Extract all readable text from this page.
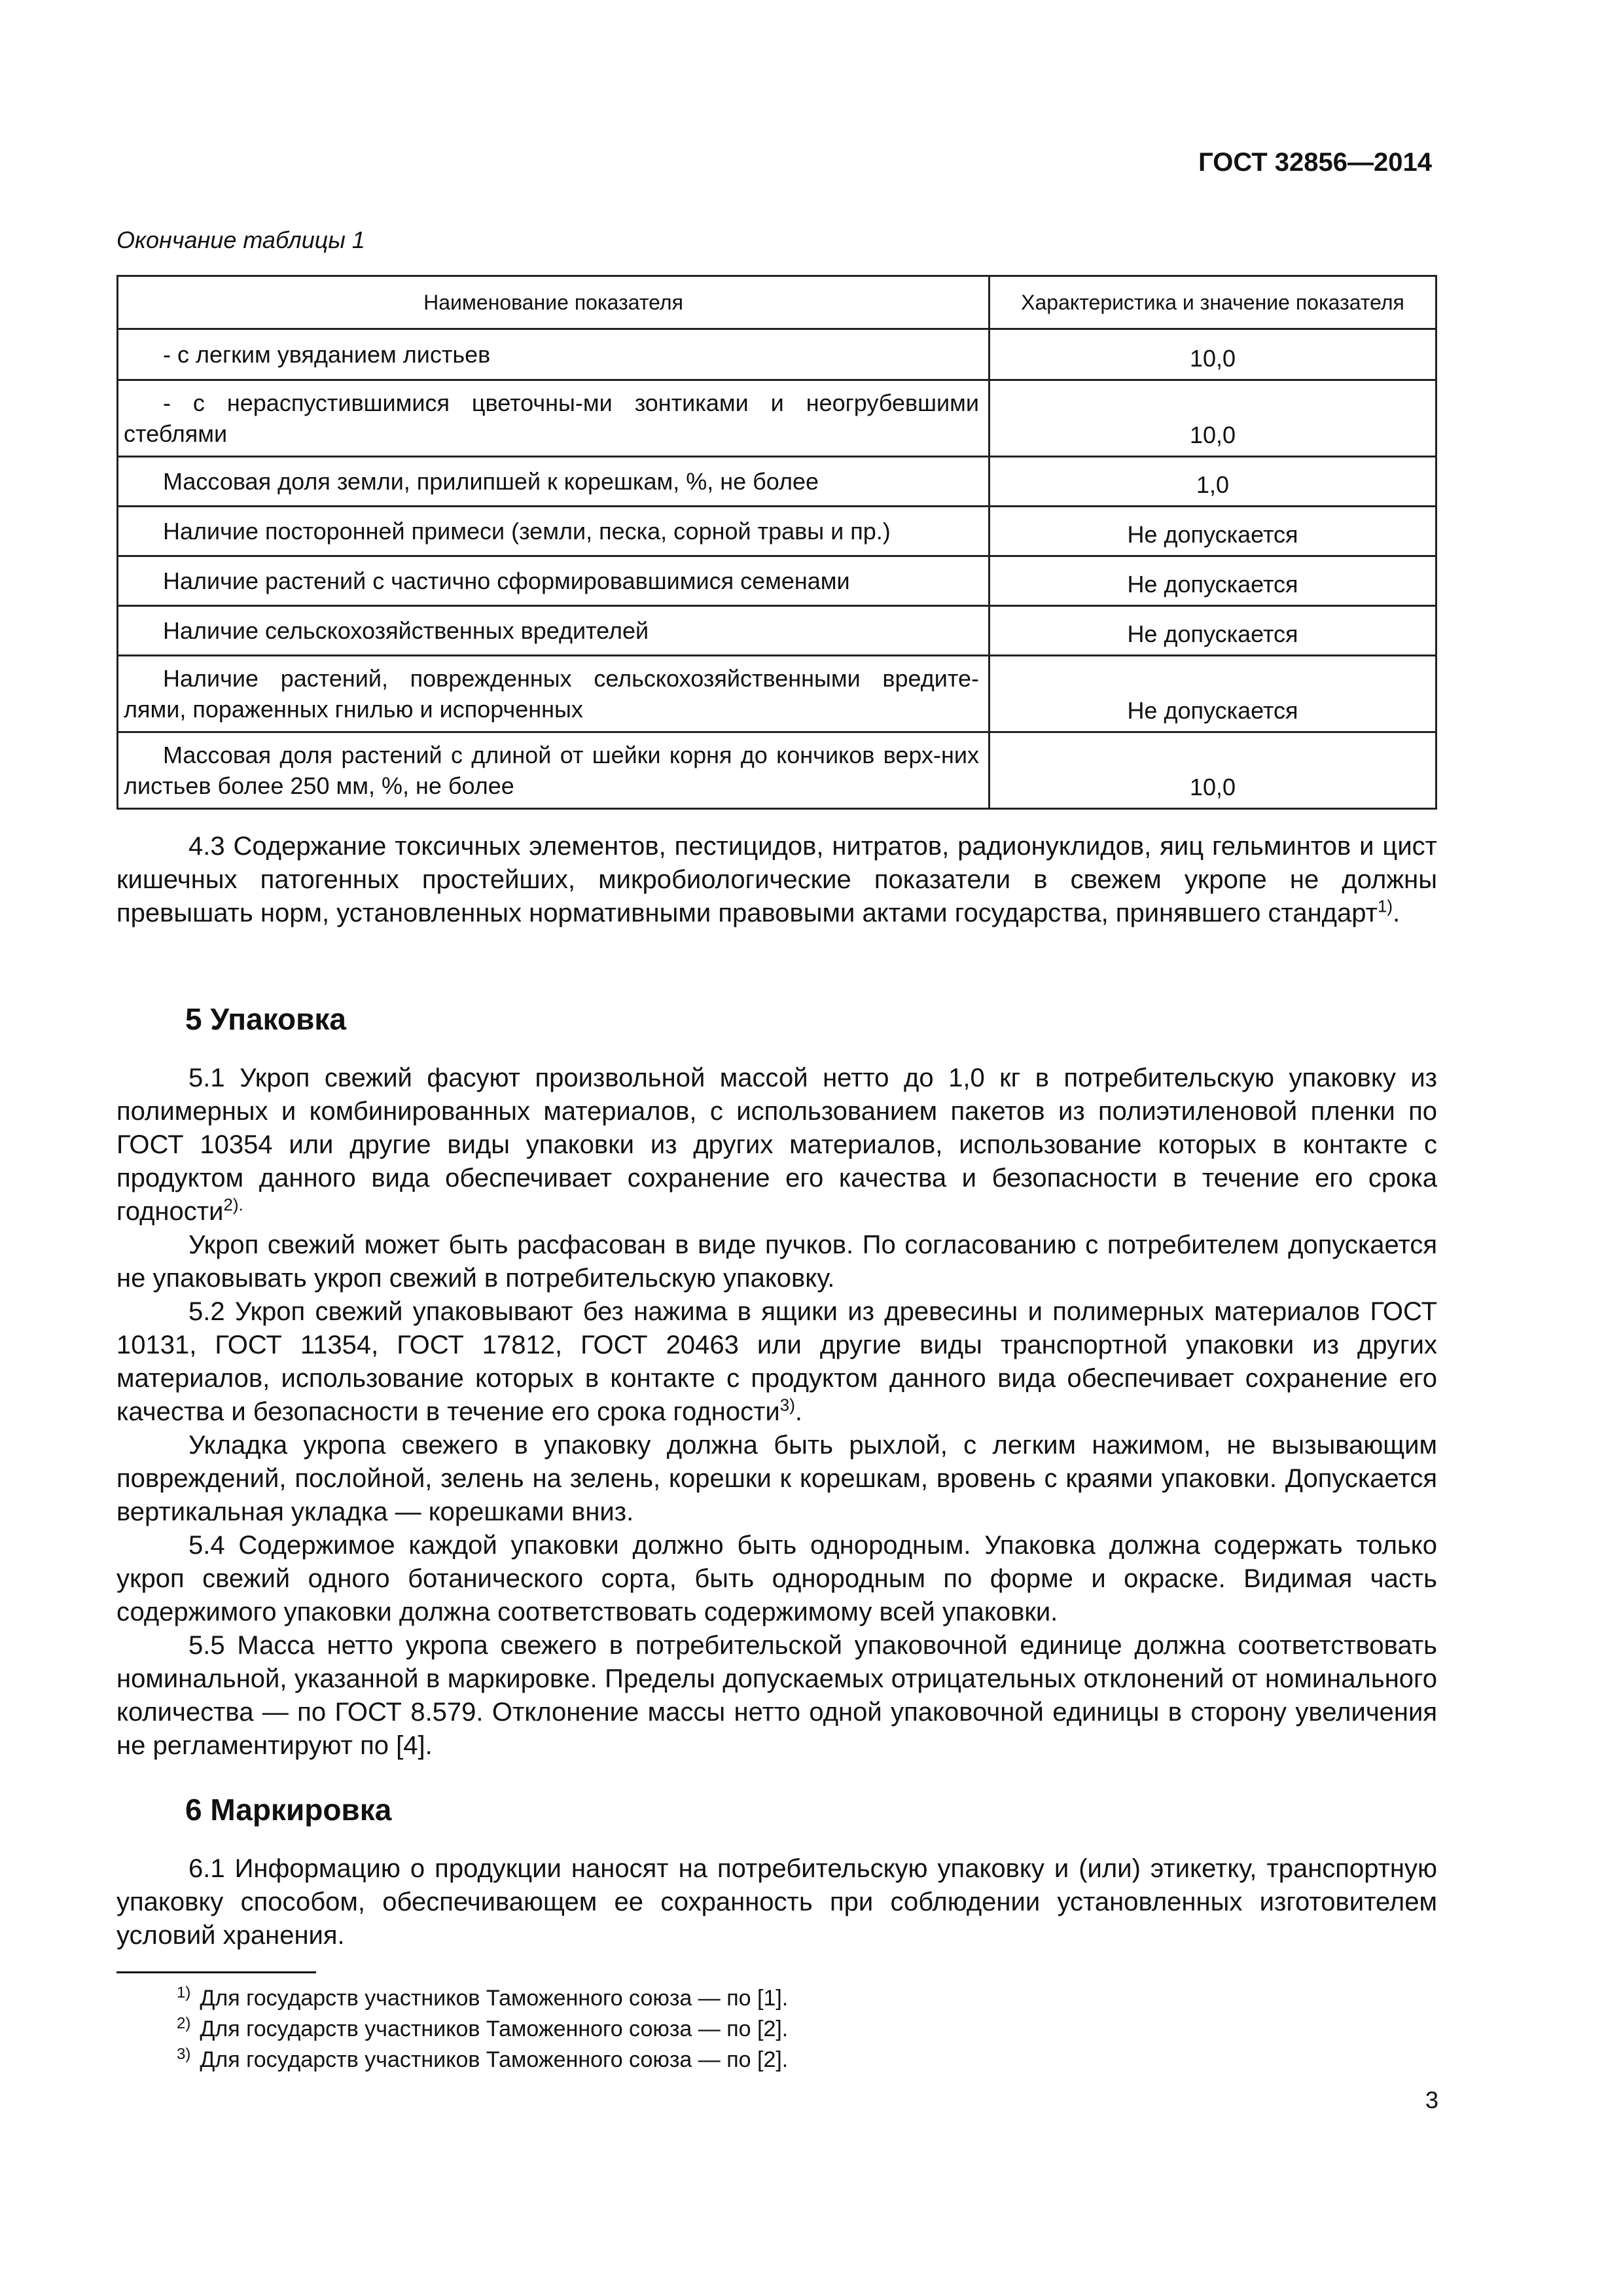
ГОСТ 32856—2014
Окончание таблицы 1
Наименование показателя	Характеристика и значение показателя

- с легким увяданием листьев	10,0
- с нераспустившимися цветочны-ми зонтиками и неогрубевшими стеблями	10,0

Массовая доля земли, прилипшей к корешкам, %, не более	1,0

Наличие посторонней примеси (земли, песка, сорной травы и пр.)	Не допускается

Наличие растений с частично сформировавшимися семенами	Не допускается

Наличие сельскохозяйственных вредителей	Не допускается
Наличие растений, поврежденных сельскохозяйственными вредите-лями, пораженных гнилью и испорченных	Не допускается
Массовая доля растений с длиной от шейки корня до кончиков верх-них листьев более 250 мм, %, не более	10,0

4.3 Содержание токсичных элементов, пестицидов, нитратов, радионуклидов, яиц гельминтов и цист кишечных патогенных простейших, микробиологические показатели в свежем укропе не должны превышать норм, установленных нормативными правовыми актами государства, принявшего стандарт$^{1)}$.

5 Упаковка

5.1 Укроп свежий фасуют произвольной массой нетто до 1,0 кг в потребительскую упаковку из полимерных и комбинированных материалов, с использованием пакетов из полиэтиленовой пленки по ГОСТ 10354 или другие виды упаковки из других материалов, использование которых в контакте с продуктом данного вида обеспечивает сохранение его качества и безопасности в течение его срока годности$^{2).}$

Укроп свежий может быть расфасован в виде пучков. По согласованию с потребителем допускается не упаковывать укроп свежий в потребительскую упаковку.

5.2 Укроп свежий упаковывают без нажима в ящики из древесины и полимерных материалов ГОСТ 10131, ГОСТ 11354, ГОСТ 17812, ГОСТ 20463 или другие виды транспортной упаковки из других материалов, использование которых в контакте с продуктом данного вида обеспечивает сохранение его качества и безопасности в течение его срока годности$^{3)}$.

Укладка укропа свежего в упаковку должна быть рыхлой, с легким нажимом, не вызывающим повреждений, послойной, зелень на зелень, корешки к корешкам, вровень с краями упаковки. Допускается вертикальная укладка — корешками вниз.

5.4 Содержимое каждой упаковки должно быть однородным. Упаковка должна содержать только укроп свежий одного ботанического сорта, быть однородным по форме и окраске. Видимая часть содержимого упаковки должна соответствовать содержимому всей упаковки.

5.5 Масса нетто укропа свежего в потребительской упаковочной единице должна соответствовать номинальной, указанной в маркировке. Пределы допускаемых отрицательных отклонений от номинального количества — по ГОСТ 8.579. Отклонение массы нетто одной упаковочной единицы в сторону увеличения не регламентируют по [4].

6 Маркировка

6.1 Информацию о продукции наносят на потребительскую упаковку и (или) этикетку, транспортную упаковку способом, обеспечивающем ее сохранность при соблюдении установленных изготовителем условий хранения.

$^{1)}$ Для государств участников Таможенного союза — по [1].
$^{2)}$ Для государств участников Таможенного союза — по [2].
$^{3)}$ Для государств участников Таможенного союза — по [2].
3
